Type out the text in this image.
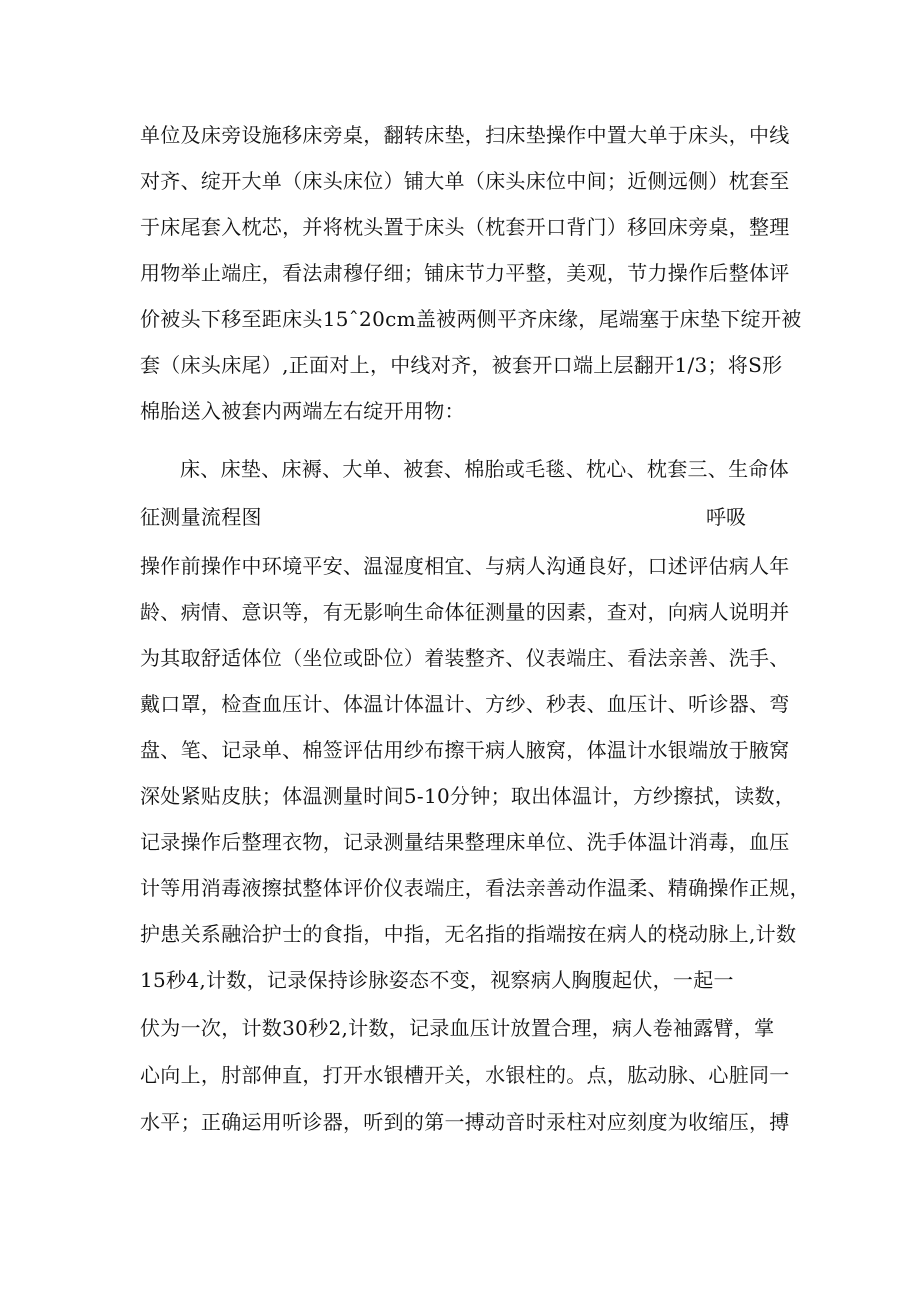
单位及床旁设施移床旁桌，翻转床垫，扫床垫操作中置大单于床头，中线
对齐、绽开大单（床头床位）铺大单（床头床位中间；近侧远侧）枕套至
于床尾套入枕芯，并将枕头置于床头（枕套开口背门）移回床旁桌，整理
用物举止端庄，看法肃穆仔细；铺床节力平整，美观，节力操作后整体评
价被头下移至距床头15ˆ20cm盖被两侧平齐床缘，尾端塞于床垫下绽开被
套（床头床尾）,正面对上，中线对齐，被套开口端上层翻开1/3；将S形
棉胎送入被套内两端左右绽开用物：
床、床垫、床褥、大单、被套、棉胎或毛毯、枕心、枕套三、生命体
征测量流程图	呼吸
操作前操作中环境平安、温湿度相宜、与病人沟通良好，口述评估病人年
龄、病情、意识等，有无影响生命体征测量的因素，查对，向病人说明并
为其取舒适体位（坐位或卧位）着装整齐、仪表端庄、看法亲善、洗手、
戴口罩，检查血压计、体温计体温计、方纱、秒表、血压计、听诊器、弯
盘、笔、记录单、棉签评估用纱布擦干病人腋窝，体温计水银端放于腋窝
深处紧贴皮肤；体温测量时间5-10分钟；取出体温计，方纱擦拭，读数，
记录操作后整理衣物，记录测量结果整理床单位、洗手体温计消毒，血压
计等用消毒液擦拭整体评价仪表端庄，看法亲善动作温柔、精确操作正规，
护患关系融洽护士的食指，中指，无名指的指端按在病人的桡动脉上,计数
15秒4,计数，记录保持诊脉姿态不变，视察病人胸腹起伏，一起一
伏为一次，计数30秒2,计数，记录血压计放置合理，病人卷袖露臂，掌
心向上，肘部伸直，打开水银槽开关，水银柱的。点，肱动脉、心脏同一
水平；正确运用听诊器，听到的第一搏动音时汞柱对应刻度为收缩压，搏
